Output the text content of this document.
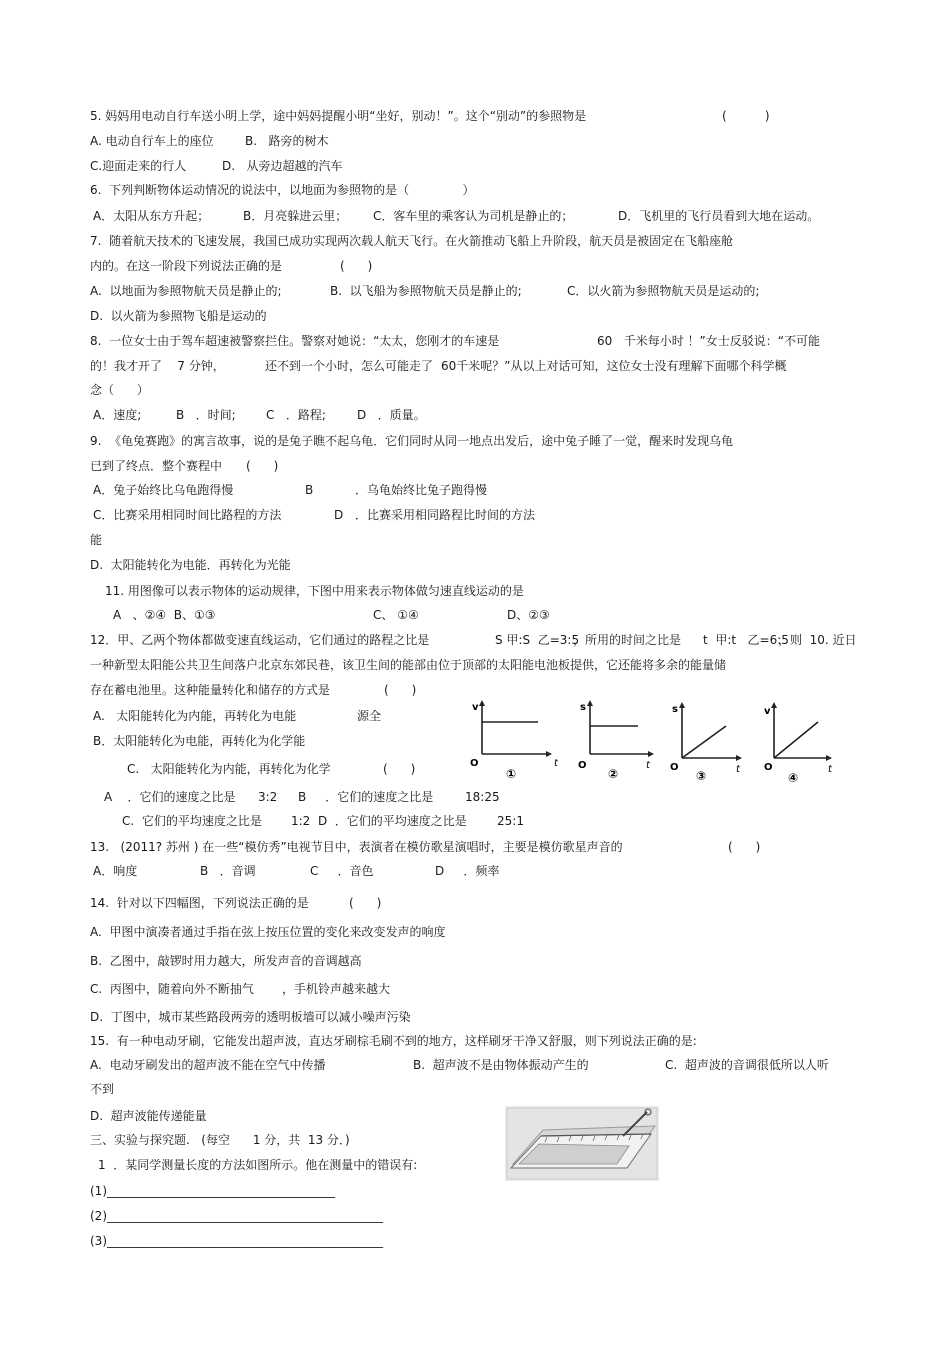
5. 妈妈用电动自行车送小明上学，途中妈妈提醒小明“坐好，别动！”。这个“别动”的参照物是	(          )
A. 电动自行车上的座位	B.   路旁的树木
C.迎面走来的行人	D.   从旁边超越的汽车
6.  下列判断物体运动情况的说法中，以地面为参照物的是（              ）
A．太阳从东方升起；	B．月亮躲进云里； C．客车里的乘客认为司机是静止的；	D．飞机里的飞行员看到大地在运动。
7.  随着航天技术的飞速发展，我国已成功实现两次载人航天飞行。在火箭推动飞船上升阶段，航天员是被固定在飞船座舱
内的。在这一阶段下列说法正确的是	(      )
A.  以地面为参照物航天员是静止的;	B.  以飞船为参照物航天员是静止的;	C．以火箭为参照物航天员是运动的;
D.  以火箭为参照物飞船是运动的
8.  一位女士由于驾车超速被警察拦住。警察对她说：“太太，您刚才的车速是	60   千米每小时 ！”女士反驳说：“不可能
的！我才开了    7 分钟，	还不到一个小时，怎么可能走了 60千米呢？”从以上对话可知，这位女士没有理解下面哪个科学概
念（      ）
A．速度;	B   ．时间;	C   ．路程;	D   ．质量。
9.  《龟兔赛跑》的寓言故事，说的是兔子瞧不起乌龟．它们同时从同一地点出发后，途中兔子睡了一觉，醒来时发现乌龟
已到了终点．整个赛程中 (      )
A．兔子始终比乌龟跑得慢	B	．乌龟始终比兔子跑得慢
C．比赛采用相同时间比路程的方法	D ．比赛采用相同路程比时间的方法
能
D.  太阳能转化为电能．再转化为光能
11. 用图像可以表示物体的运动规律，下图中用来表示物体做匀速直线运动的是
A   、②④  B、①③	C、 ①④	D、②③
12．甲、乙两个物体都做变速直线运动，它们通过的路程之比是	S 甲:S  乙=3:5
，所用的时间之比是 t  甲:t   乙=6:5
，则  10. 近日
一种新型太阳能公共卫生间落户北京东郊民巷，该卫生间的能部由位于顶部的太阳能电池板提供，它还能将多余的能量储
存在蓄电池里。这种能量转化和储存的方式是	(      )
A.   太阳能转化为内能，再转化为电能	源全
B．太阳能转化为电能，再转化为化学能
C.   太阳能转化为内能，再转化为化学	(      )
A    ．它们的速度之比是 3:2 B     ．它们的速度之比是	18:25
C.  它们的平均速度之比是 1:2  D  ．它们的平均速度之比是	25:1
v
t
O
①
s
t
O
②
s
t
O
③
v
t
O
④
13.   (2011? 苏州 ) 在一些“模仿秀”电视节目中，表演者在模仿歌星演唱时，主要是模仿歌星声音的	(      )
A．响度	B   ．音调	C     ．音色	D     ．频率
14.  针对以下四幅图，下列说法正确的是	(      )
A.  甲图中演凑者通过手指在弦上按压位置的变化来改变发声的响度
B.  乙图中，敲锣时用力越大，所发声音的音调越高
C.  丙图中，随着向外不断抽气 ，手机铃声越来越大
D.  丁图中，城市某些路段两旁的透明板墙可以减小噪声污染
15.  有一种电动牙刷，它能发出超声波，直达牙刷棕毛刷不到的地方，这样刷牙干净又舒服，则下列说法正确的是:
A.  电动牙刷发出的超声波不能在空气中传播	B.  超声波不是由物体振动产生的	C.  超声波的音调很低所以人听
不到
D.  超声波能传递能量
三、实验与探究题.   (每空      1 分，共  13 分．)
1  ．某同学测量长度的方法如图所示。他在测量中的错误有:
(1)______________________________________
(2)______________________________________________
(3)______________________________________________
